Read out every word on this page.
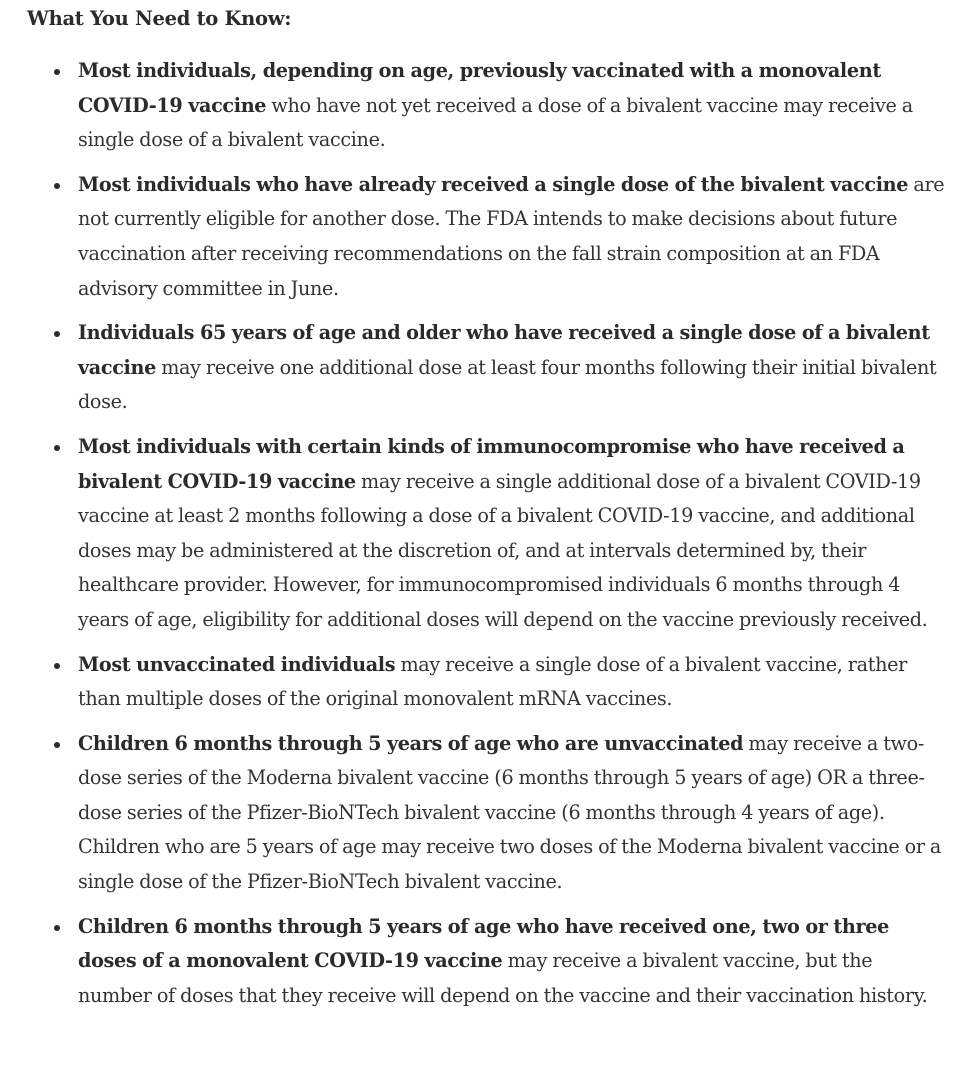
What You Need to Know:
Most individuals, depending on age, previously vaccinated with a monovalent COVID-19 vaccine who have not yet received a dose of a bivalent vaccine may receive a single dose of a bivalent vaccine.
Most individuals who have already received a single dose of the bivalent vaccine are not currently eligible for another dose. The FDA intends to make decisions about future vaccination after receiving recommendations on the fall strain composition at an FDA advisory committee in June.
Individuals 65 years of age and older who have received a single dose of a bivalent vaccine may receive one additional dose at least four months following their initial bivalent dose.
Most individuals with certain kinds of immunocompromise who have received a bivalent COVID-19 vaccine may receive a single additional dose of a bivalent COVID-19 vaccine at least 2 months following a dose of a bivalent COVID-19 vaccine, and additional doses may be administered at the discretion of, and at intervals determined by, their healthcare provider. However, for immunocompromised individuals 6 months through 4 years of age, eligibility for additional doses will depend on the vaccine previously received.
Most unvaccinated individuals may receive a single dose of a bivalent vaccine, rather than multiple doses of the original monovalent mRNA vaccines.
Children 6 months through 5 years of age who are unvaccinated may receive a two-dose series of the Moderna bivalent vaccine (6 months through 5 years of age) OR a three-dose series of the Pfizer-BioNTech bivalent vaccine (6 months through 4 years of age). Children who are 5 years of age may receive two doses of the Moderna bivalent vaccine or a single dose of the Pfizer-BioNTech bivalent vaccine.
Children 6 months through 5 years of age who have received one, two or three doses of a monovalent COVID-19 vaccine may receive a bivalent vaccine, but the number of doses that they receive will depend on the vaccine and their vaccination history.
